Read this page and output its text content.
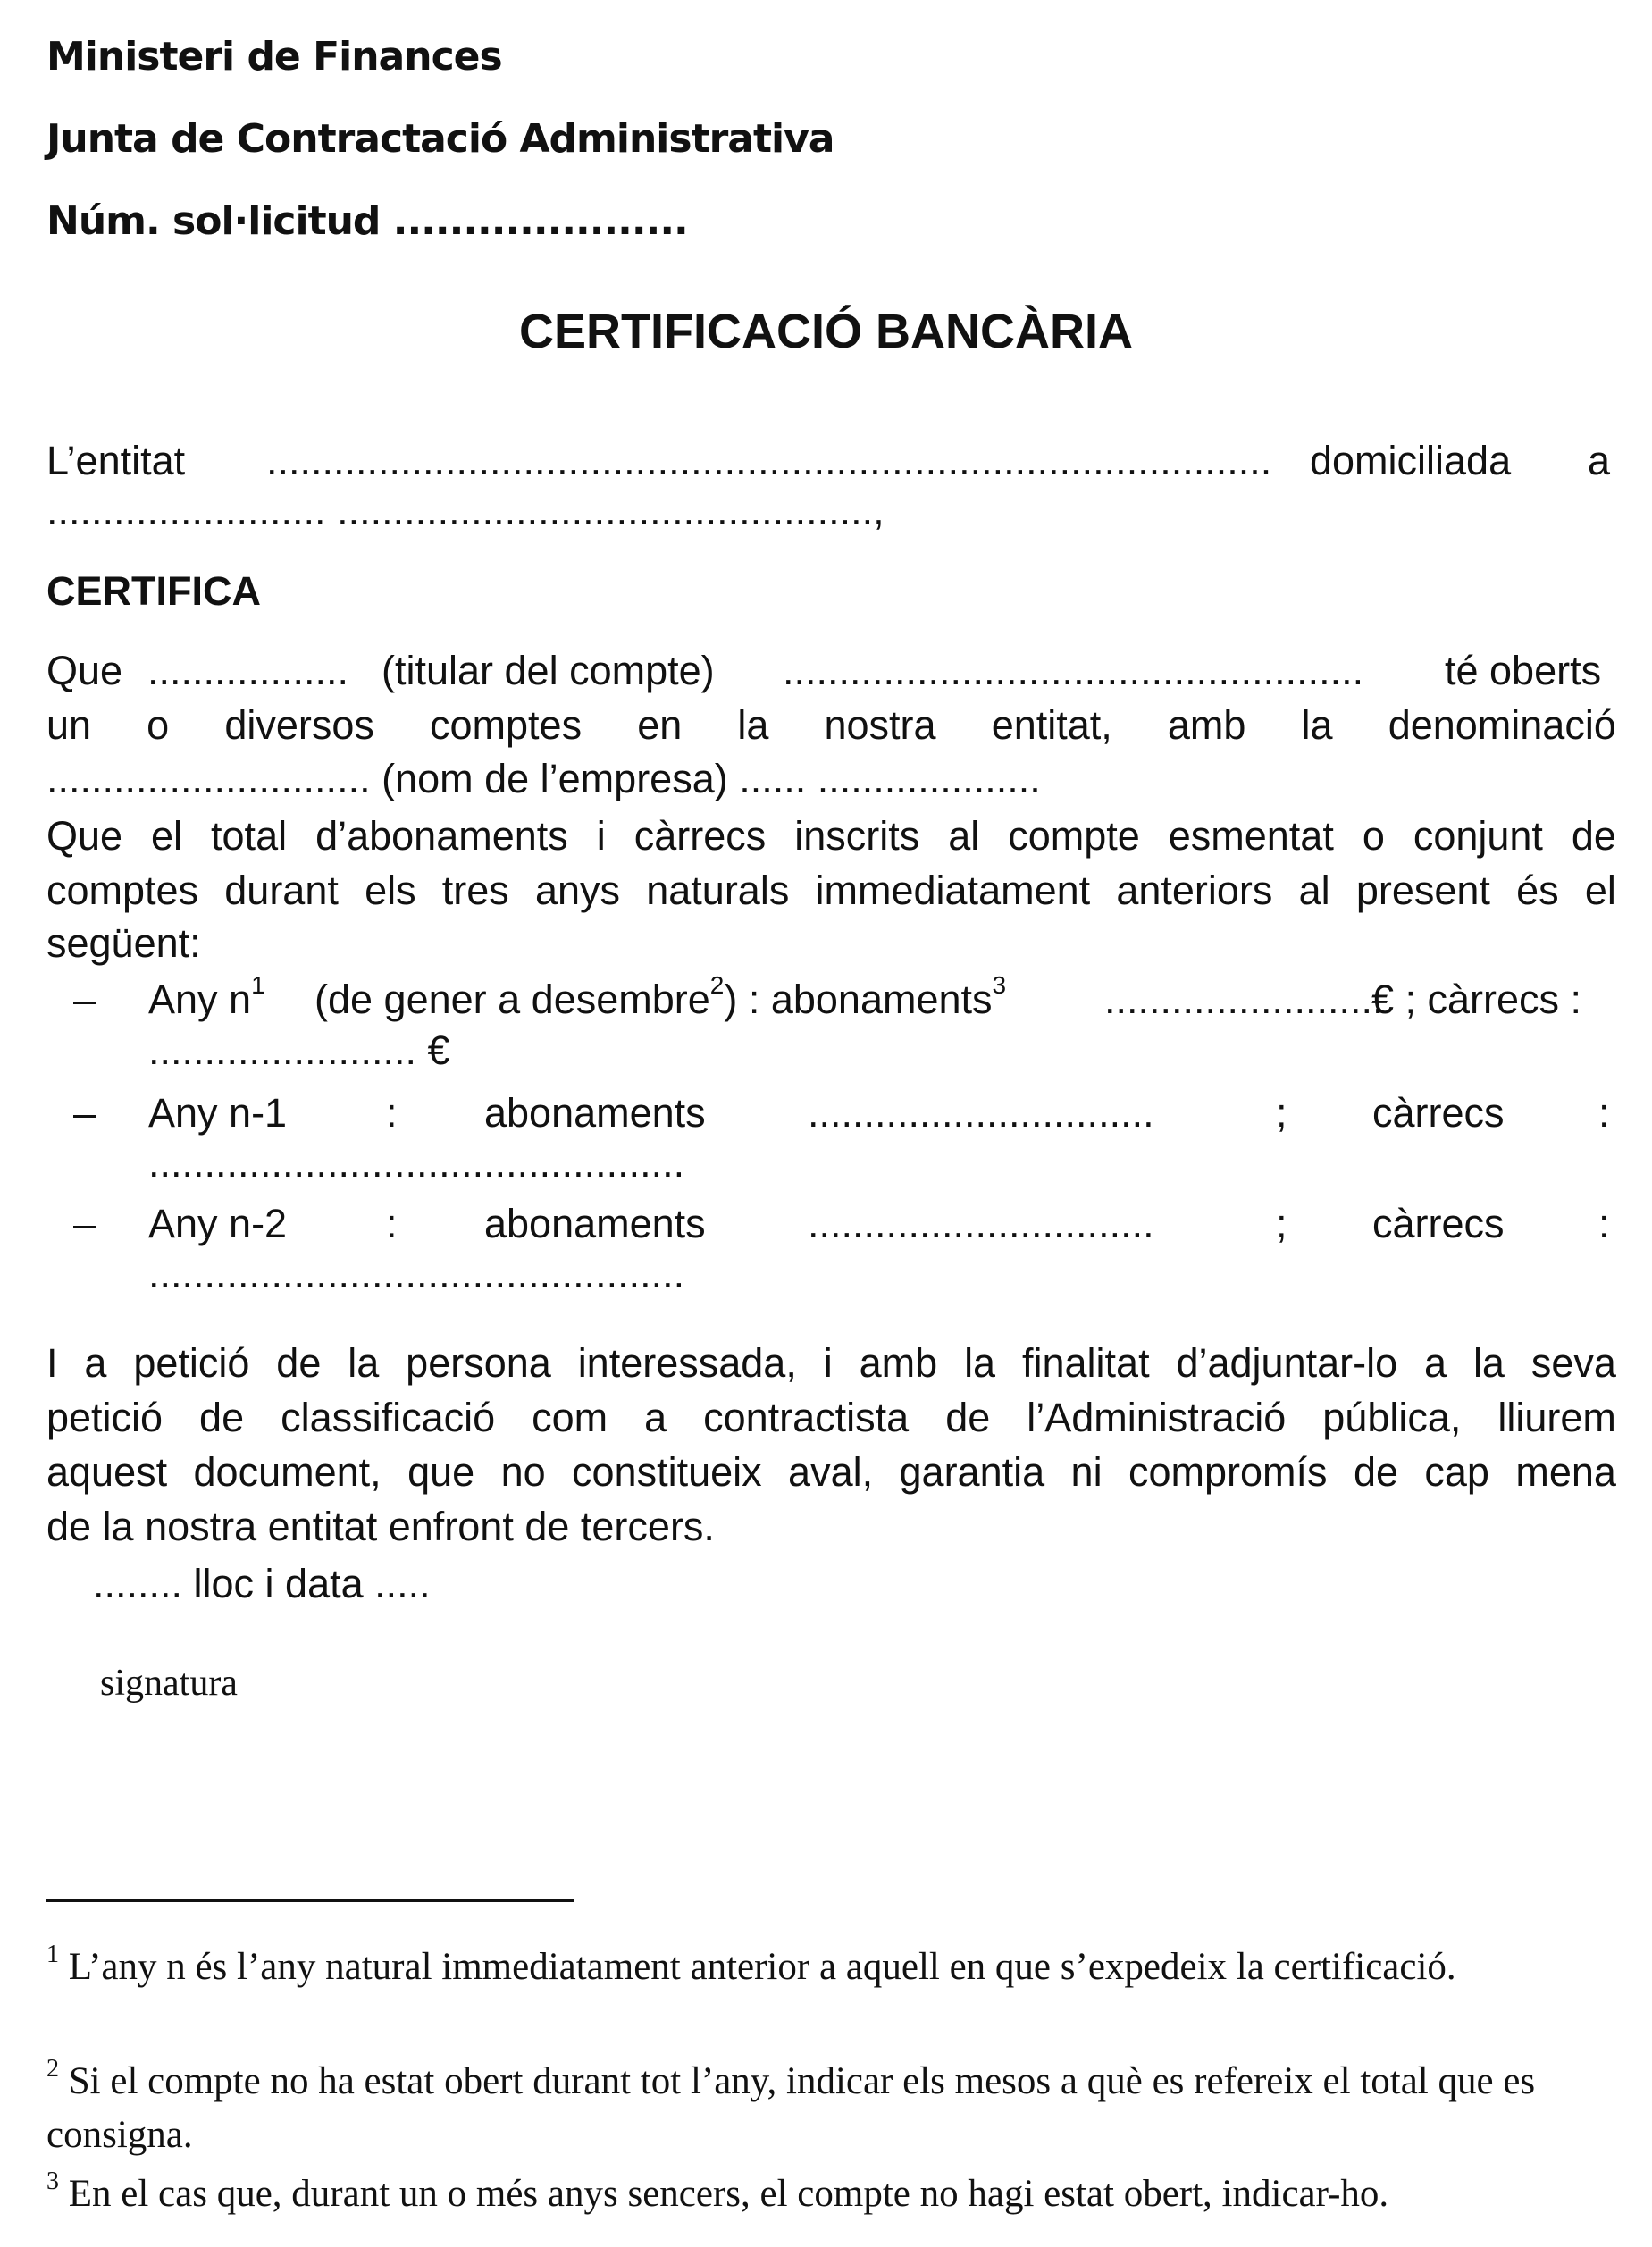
Ministeri de Finances
Junta de Contractació Administrativa
Núm. sol·licitud .....................
CERTIFICACIÓ BANCÀRIA
L’entitat .......................................................................................... domiciliada a
......................... ................................................,
CERTIFICA
Que .................. (titular del compte) .................................................... té oberts
un o diversos comptes en la nostra entitat, amb la denominació
............................. (nom de l’empresa) ...... ....................
Que el total d’abonaments i càrrecs inscrits al compte esmentat o conjunt de
comptes durant els tres anys naturals immediatament anteriors al present és el
següent:
– Any $n^1$ (de gener a desembre$^2$) : abonaments$^3$ .........................
€ ; càrrecs :
........................ €
– Any n-1 : abonaments	...............................	; càrrecs :
................................................
– Any n-2 : abonaments	...............................	; càrrecs :
................................................
I a petició de la persona interessada, i amb la finalitat d’adjuntar-lo a la seva
petició de classificació com a contractista de l’Administració pública, lliurem
aquest document, que no constitueix aval, garantia ni compromís de cap mena
de la nostra entitat enfront de tercers.
........ lloc i data .....
signatura
$^1$ L’any n és l’any natural immediatament anterior a aquell en que s’expedeix la certificació.
$^2$ Si el compte no ha estat obert durant tot l’any, indicar els mesos a què es refereix el total que es consigna.
$^3$ En el cas que, durant un o més anys sencers, el compte no hagi estat obert, indicar-ho.
